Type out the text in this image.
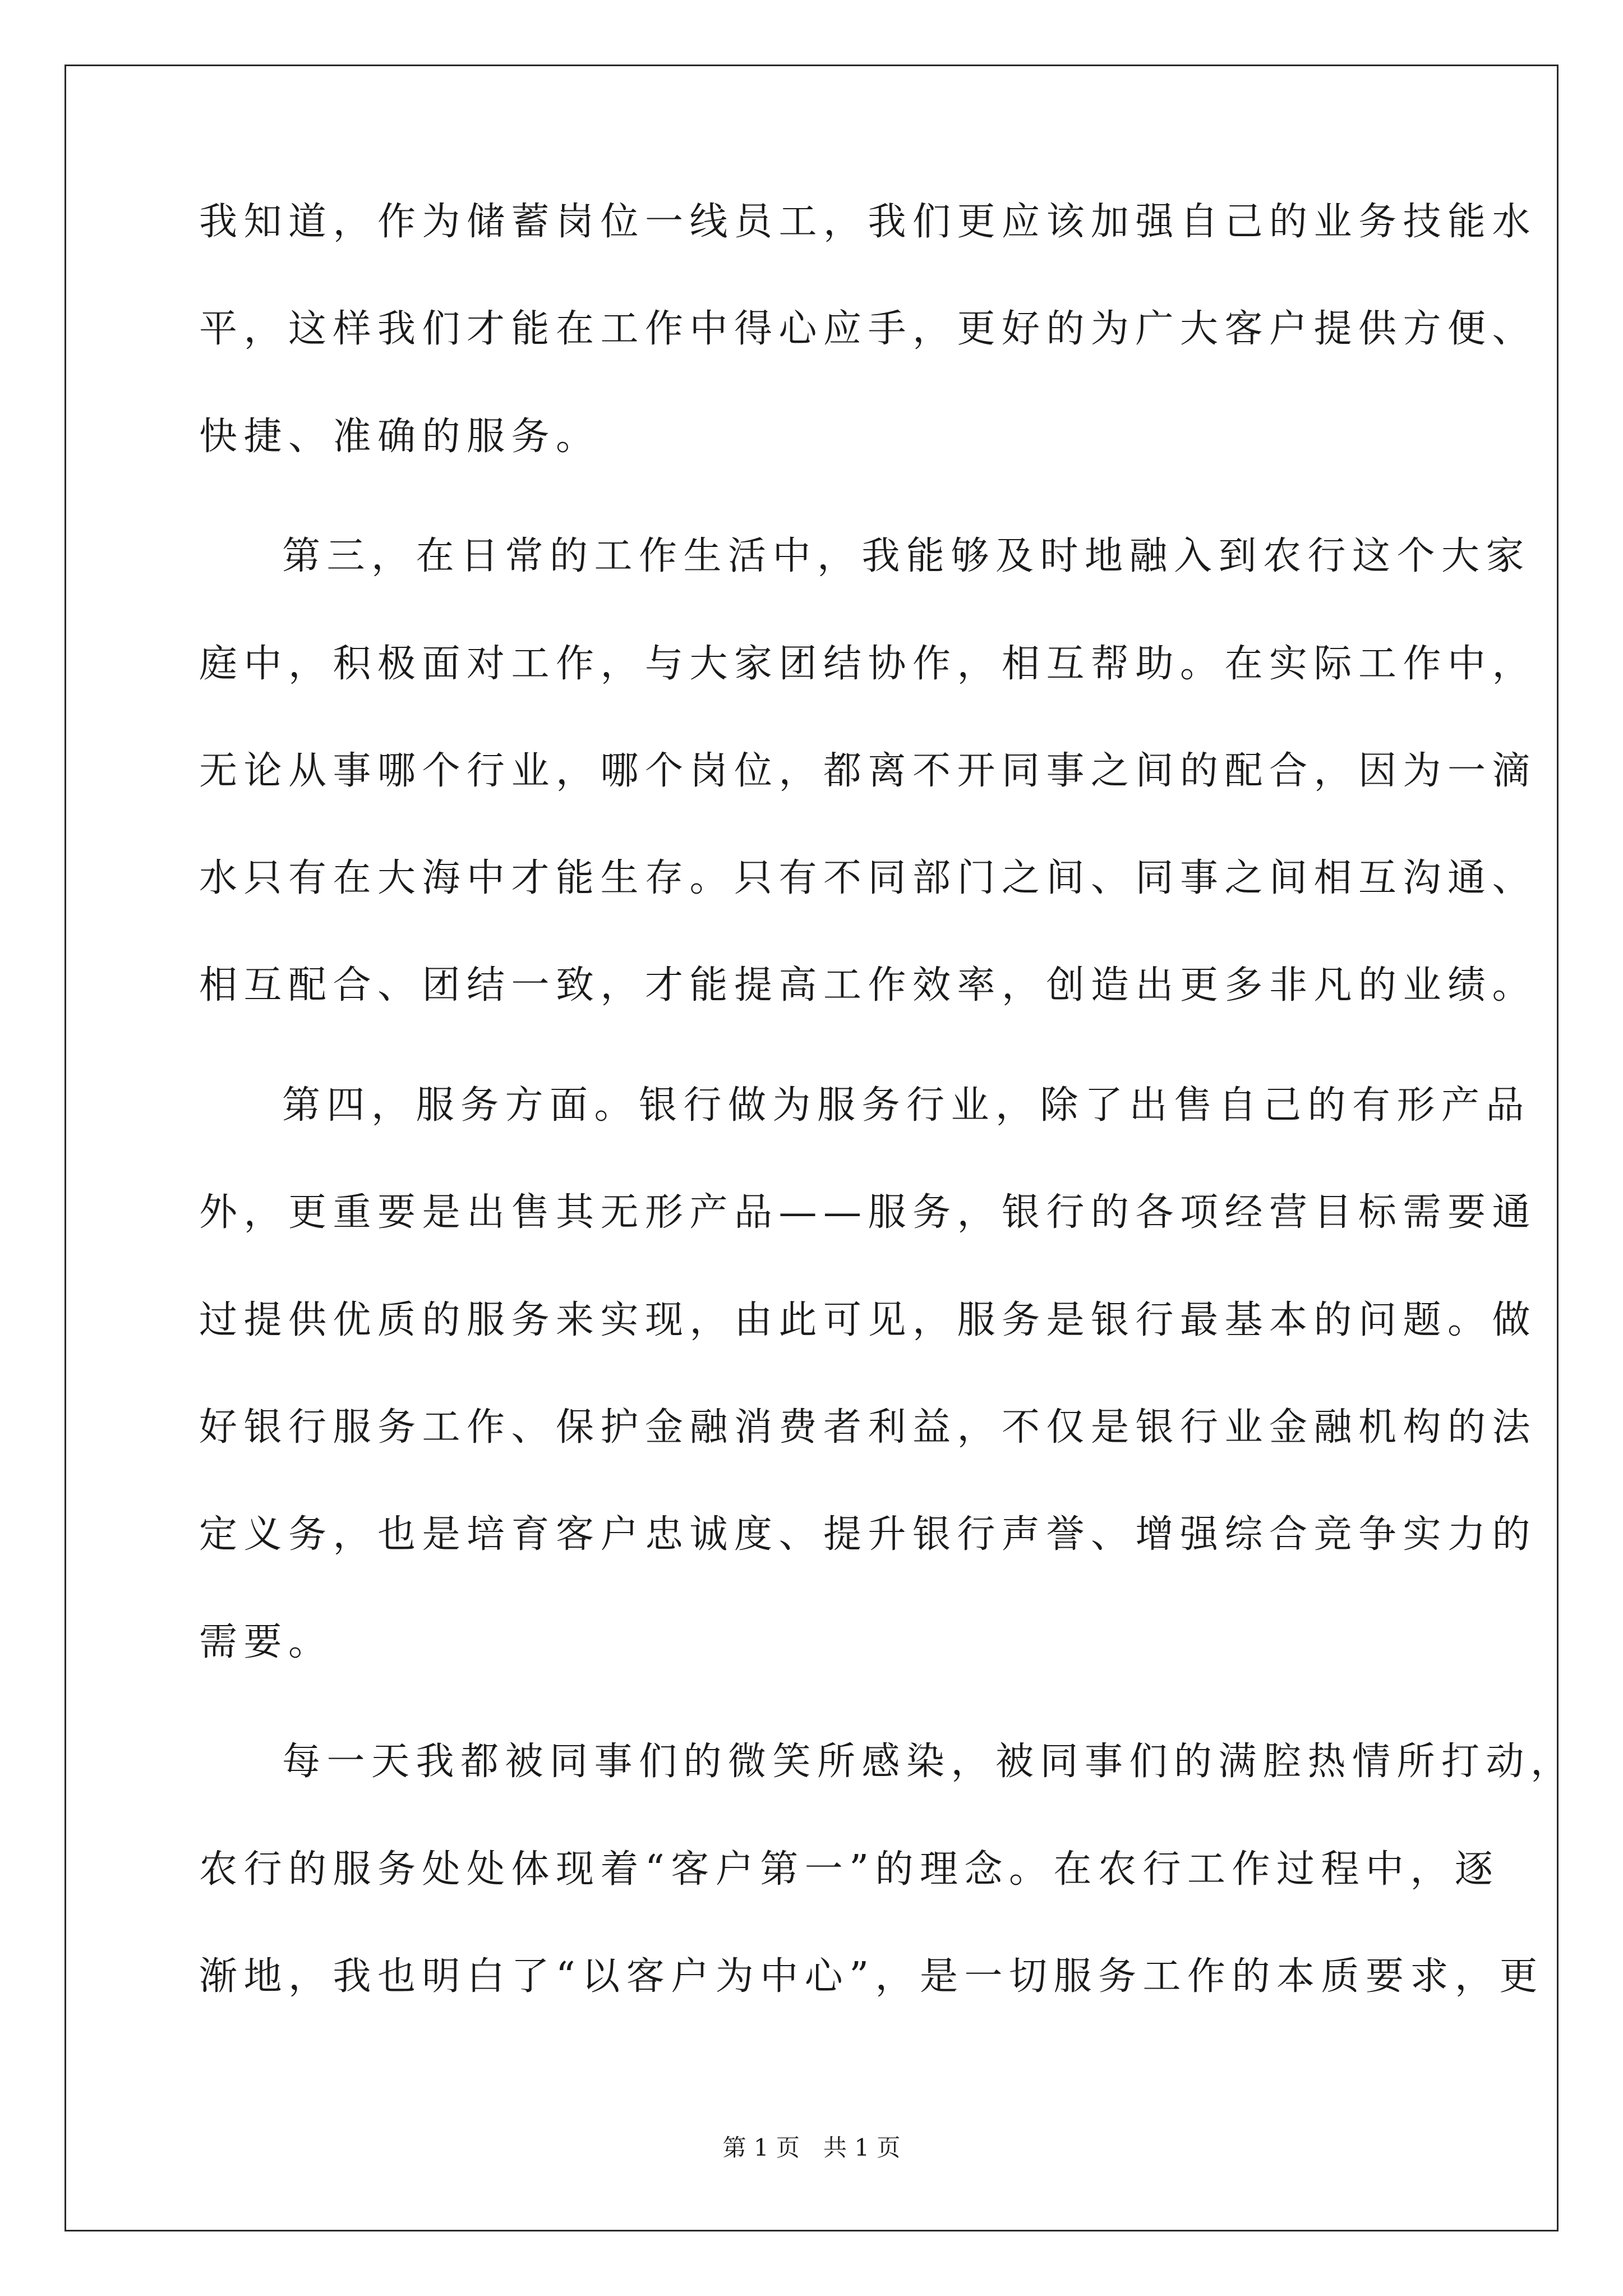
我知道，作为储蓄岗位一线员工，我们更应该加强自己的业务技能水
平，这样我们才能在工作中得心应手，更好的为广大客户提供方便、
快捷、准确的服务。
第三，在日常的工作生活中，我能够及时地融入到农行这个大家
庭中，积极面对工作，与大家团结协作，相互帮助。在实际工作中，
无论从事哪个行业，哪个岗位，都离不开同事之间的配合，因为一滴
水只有在大海中才能生存。只有不同部门之间、同事之间相互沟通、
相互配合、团结一致，才能提高工作效率，创造出更多非凡的业绩。
第四，服务方面。银行做为服务行业，除了出售自己的有形产品
外，更重要是出售其无形产品——服务，银行的各项经营目标需要通
过提供优质的服务来实现，由此可见，服务是银行最基本的问题。做
好银行服务工作、保护金融消费者利益，不仅是银行业金融机构的法
定义务，也是培育客户忠诚度、提升银行声誉、增强综合竞争实力的
需要。
每一天我都被同事们的微笑所感染，被同事们的满腔热情所打动，
农行的服务处处体现着“客户第一”的理念。在农行工作过程中，逐
渐地，我也明白了“以客户为中心”，是一切服务工作的本质要求，更
第 1 页　共 1 页
